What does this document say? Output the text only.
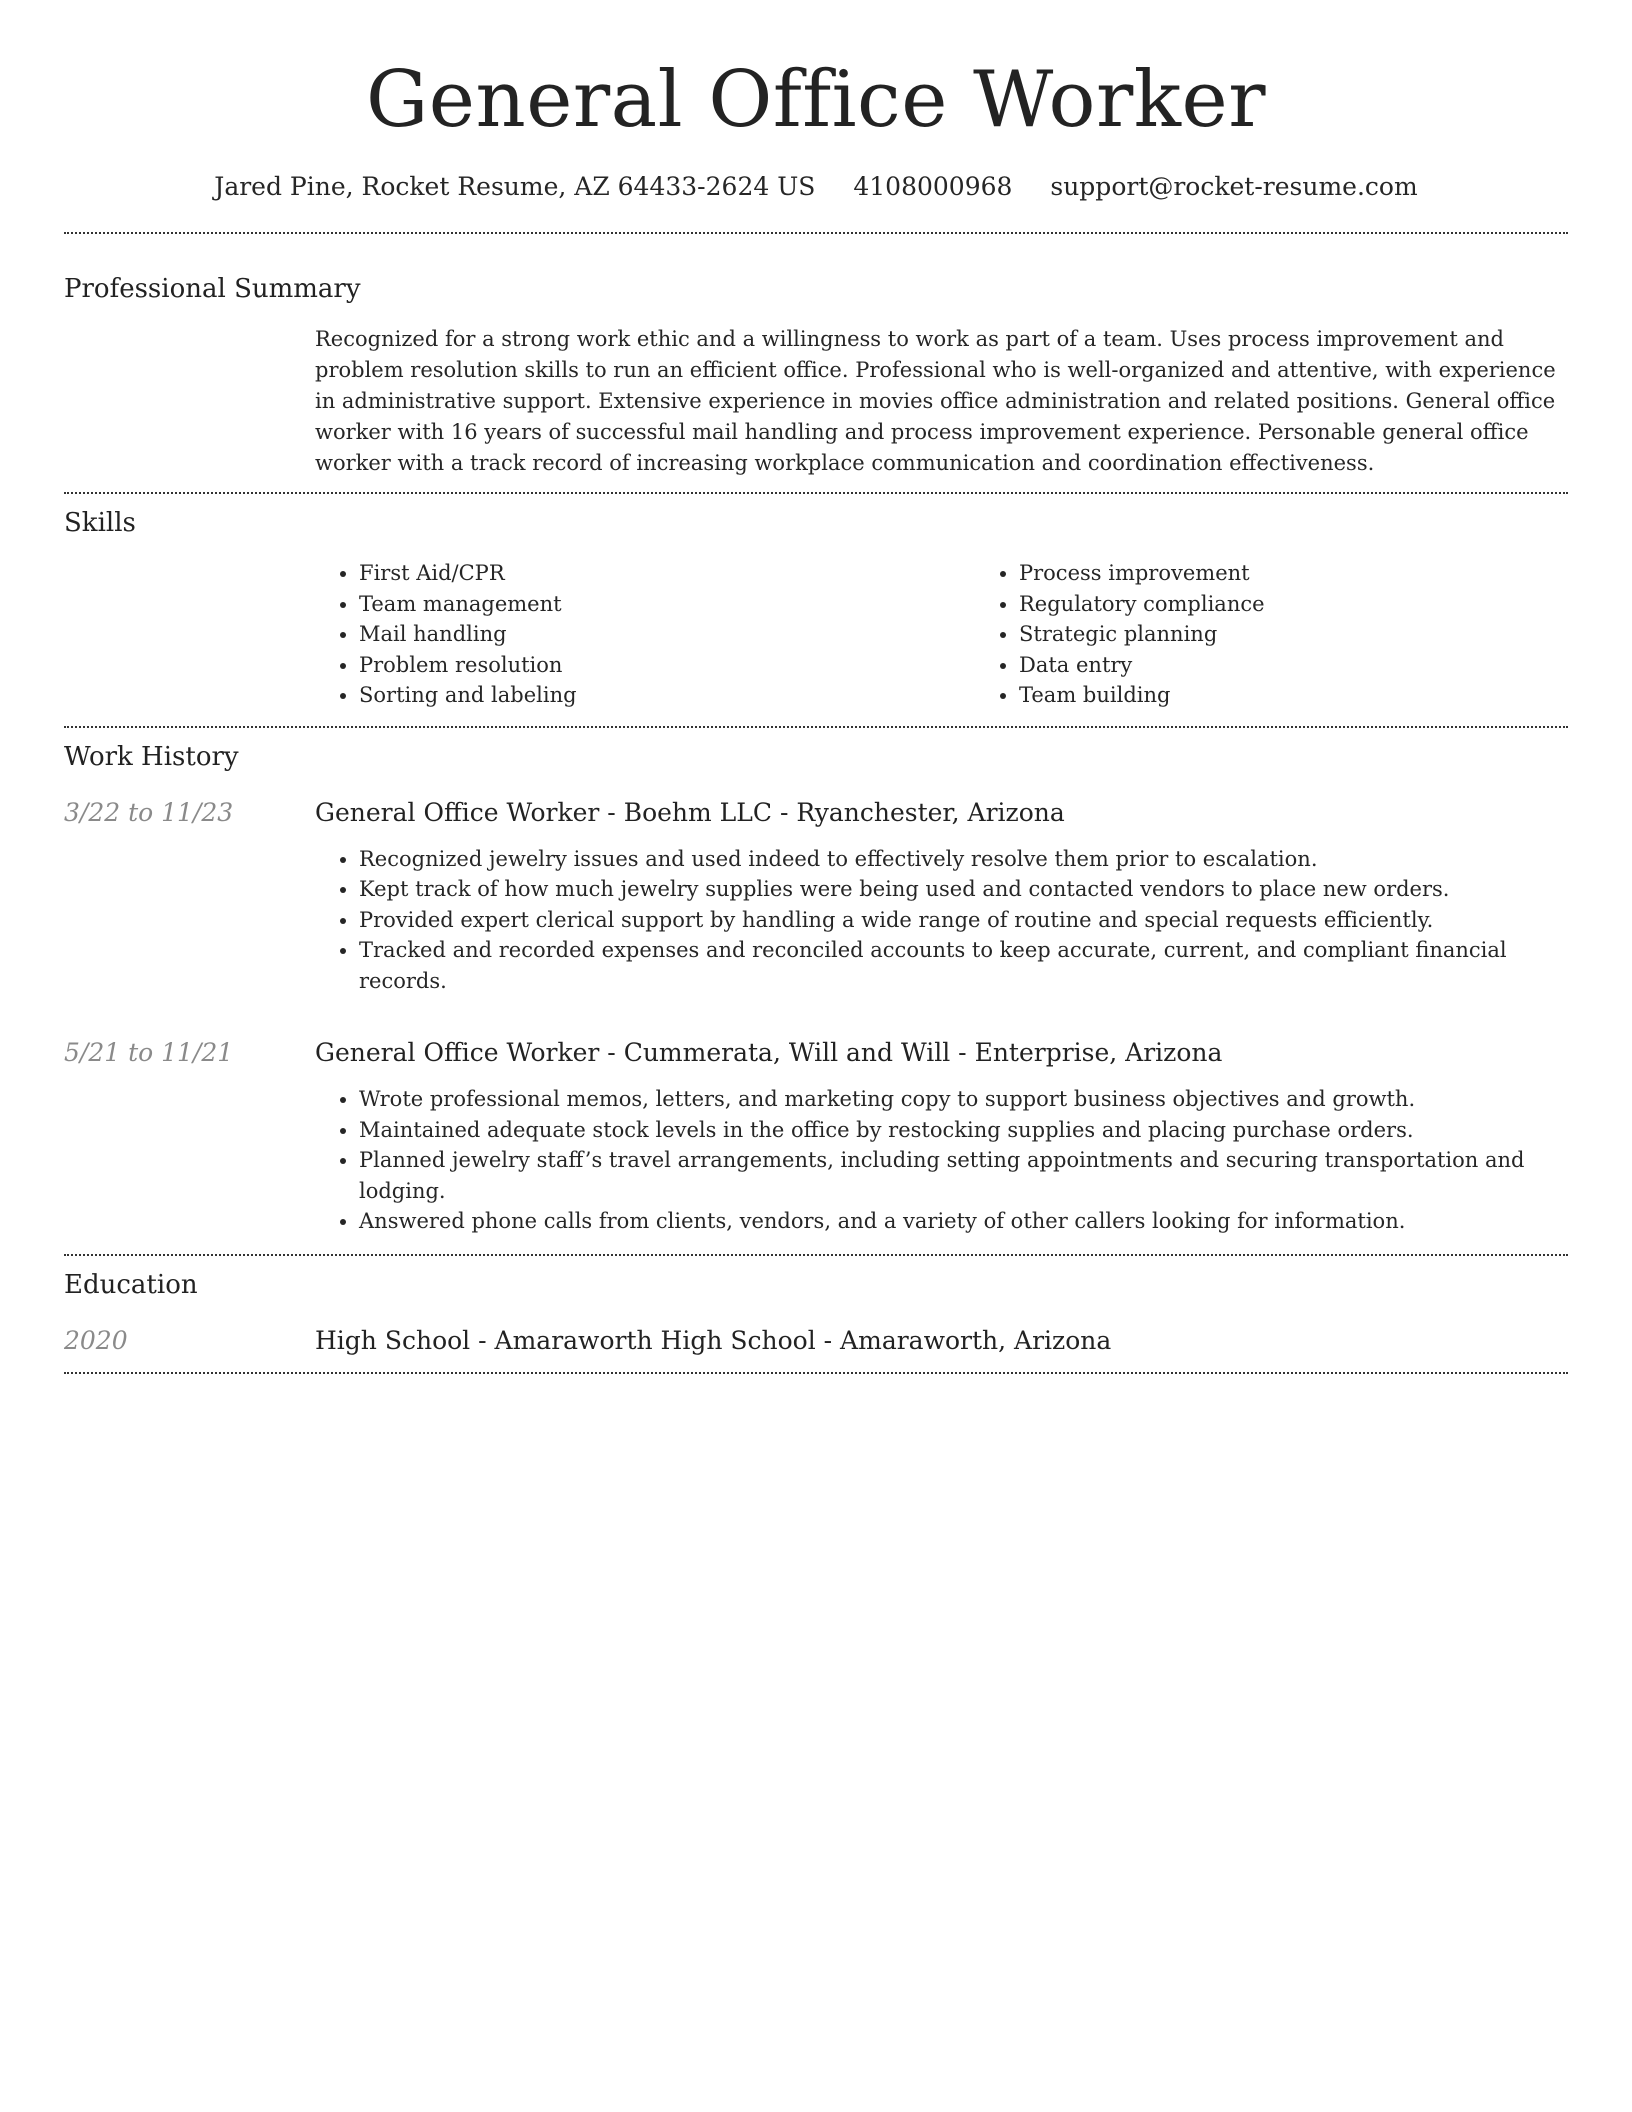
General Office Worker
Jared Pine, Rocket Resume, AZ 64433-2624 US 4108000968 support@rocket-resume.com
Professional Summary

Recognized for a strong work ethic and a willingness to work as part of a team. Uses process improvement and problem resolution skills to run an efficient office. Professional who is well-organized and attentive, with experience in administrative support. Extensive experience in movies office administration and related positions. General office worker with 16 years of successful mail handling and process improvement experience. Personable general office worker with a track record of increasing workplace communication and coordination effectiveness.

Skills
• First Aid/CPR
• Team management
• Mail handling
• Problem resolution
• Sorting and labeling
• Process improvement
• Regulatory compliance
• Strategic planning
• Data entry
• Team building
Work History
3/22 to 11/23	General Office Worker - Boehm LLC - Ryanchester, Arizona

• Recognized jewelry issues and used indeed to effectively resolve them prior to escalation.
• Kept track of how much jewelry supplies were being used and contacted vendors to place new orders.
• Provided expert clerical support by handling a wide range of routine and special requests efficiently.
• Tracked and recorded expenses and reconciled accounts to keep accurate, current, and compliant financial records.
5/21 to 11/21	General Office Worker - Cummerata, Will and Will - Enterprise, Arizona

• Wrote professional memos, letters, and marketing copy to support business objectives and growth.
• Maintained adequate stock levels in the office by restocking supplies and placing purchase orders.
• Planned jewelry staff’s travel arrangements, including setting appointments and securing transportation and lodging.
• Answered phone calls from clients, vendors, and a variety of other callers looking for information.
Education
2020	High School - Amaraworth High School - Amaraworth, Arizona
